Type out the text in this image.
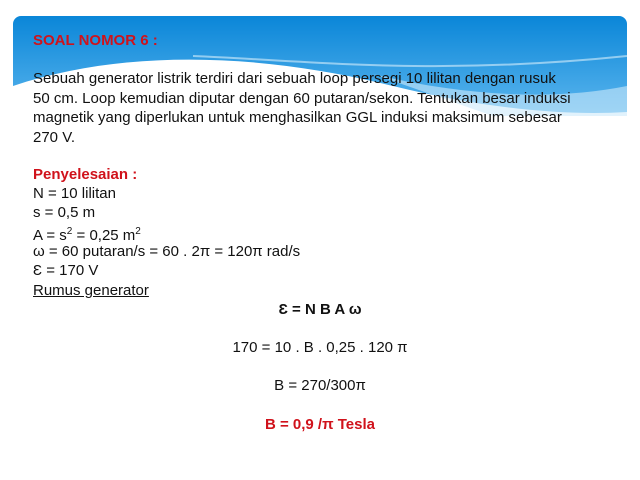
SOAL NOMOR 6 :
Sebuah generator listrik terdiri dari sebuah loop persegi 10 lilitan dengan rusuk
50 cm. Loop kemudian diputar dengan 60 putaran/sekon. Tentukan besar induksi
magnetik yang diperlukan untuk menghasilkan GGL induksi maksimum sebesar
270 V.
Penyelesaian :
N = 10 lilitan
s = 0,5 m
$A = s^2 = 0,25$ $m^2$
ω = 60 putaran/s = 60 . 2π = 120π rad/s
Ɛ = 170 V
Rumus generator
Ɛ = N B A ω
170 = 10 . B . 0,25 . 120 π
B = 270/300π
B = 0,9 /π Tesla
